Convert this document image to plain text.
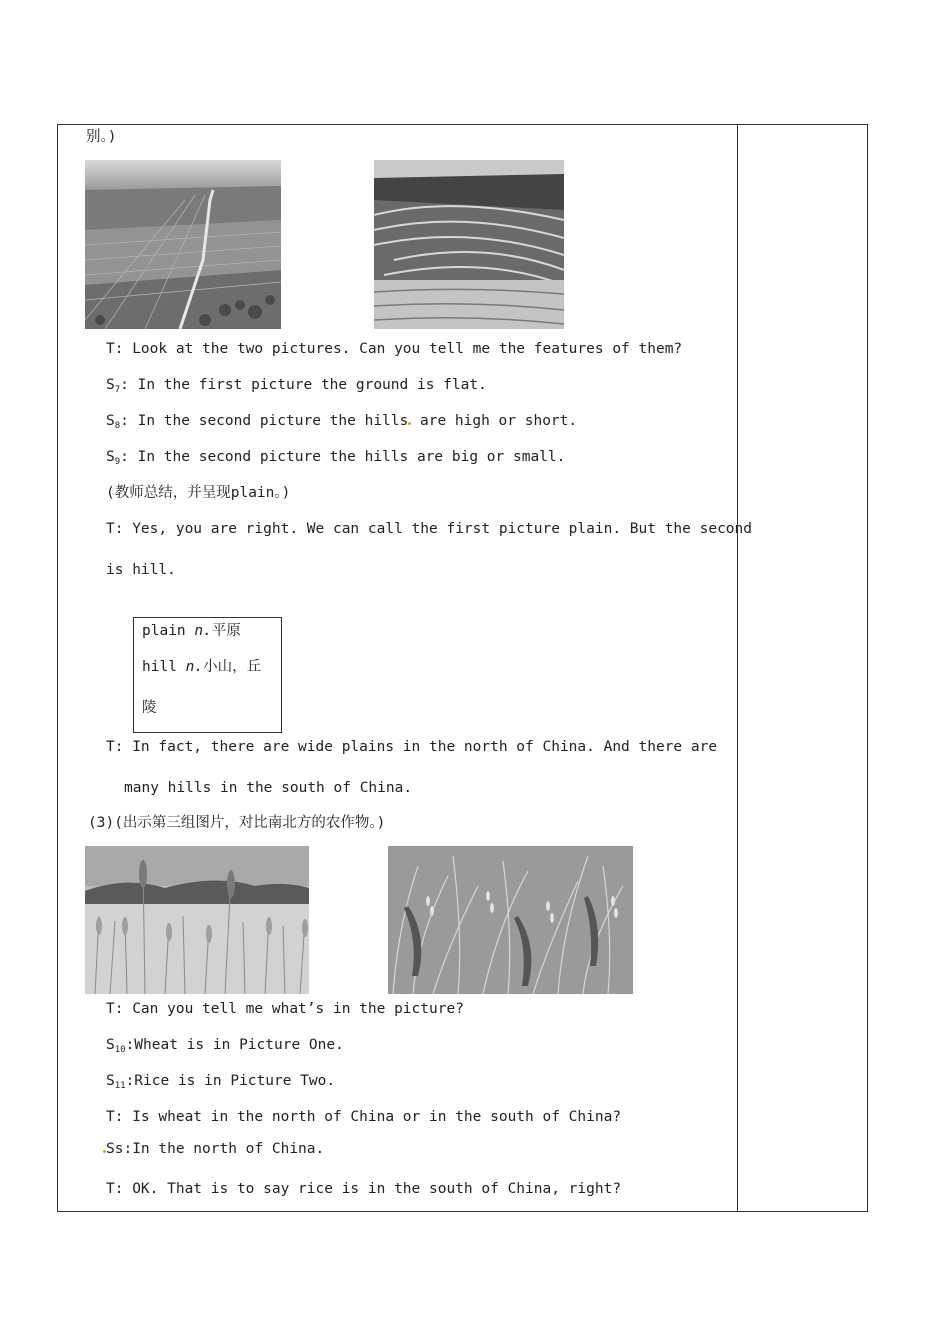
别。)
T: Look at the two pictures. Can you tell me the features of them?
$S_7$: In the first picture the ground is flat.
$S_8$: In the second picture the hills are high or short.
$S_9$: In the second picture the hills are big or small.
(教师总结，并呈现plain。)
T: Yes, you are right. We can call the first picture plain. But the second
is hill.
plain n.平原
hill n.小山，丘
陵
T: In fact, there are wide plains in the north of China. And there are
many hills in the south of China.
(3)(出示第三组图片，对比南北方的农作物。)
T: Can you tell me what’s in the picture?
$S_{10}:Wheat$ is in Picture One.
$S_{11}:Rice$ is in Picture Two.
T: Is wheat in the north of China or in the south of China?
Ss:In the north of China.
T: OK. That is to say rice is in the south of China, right?
